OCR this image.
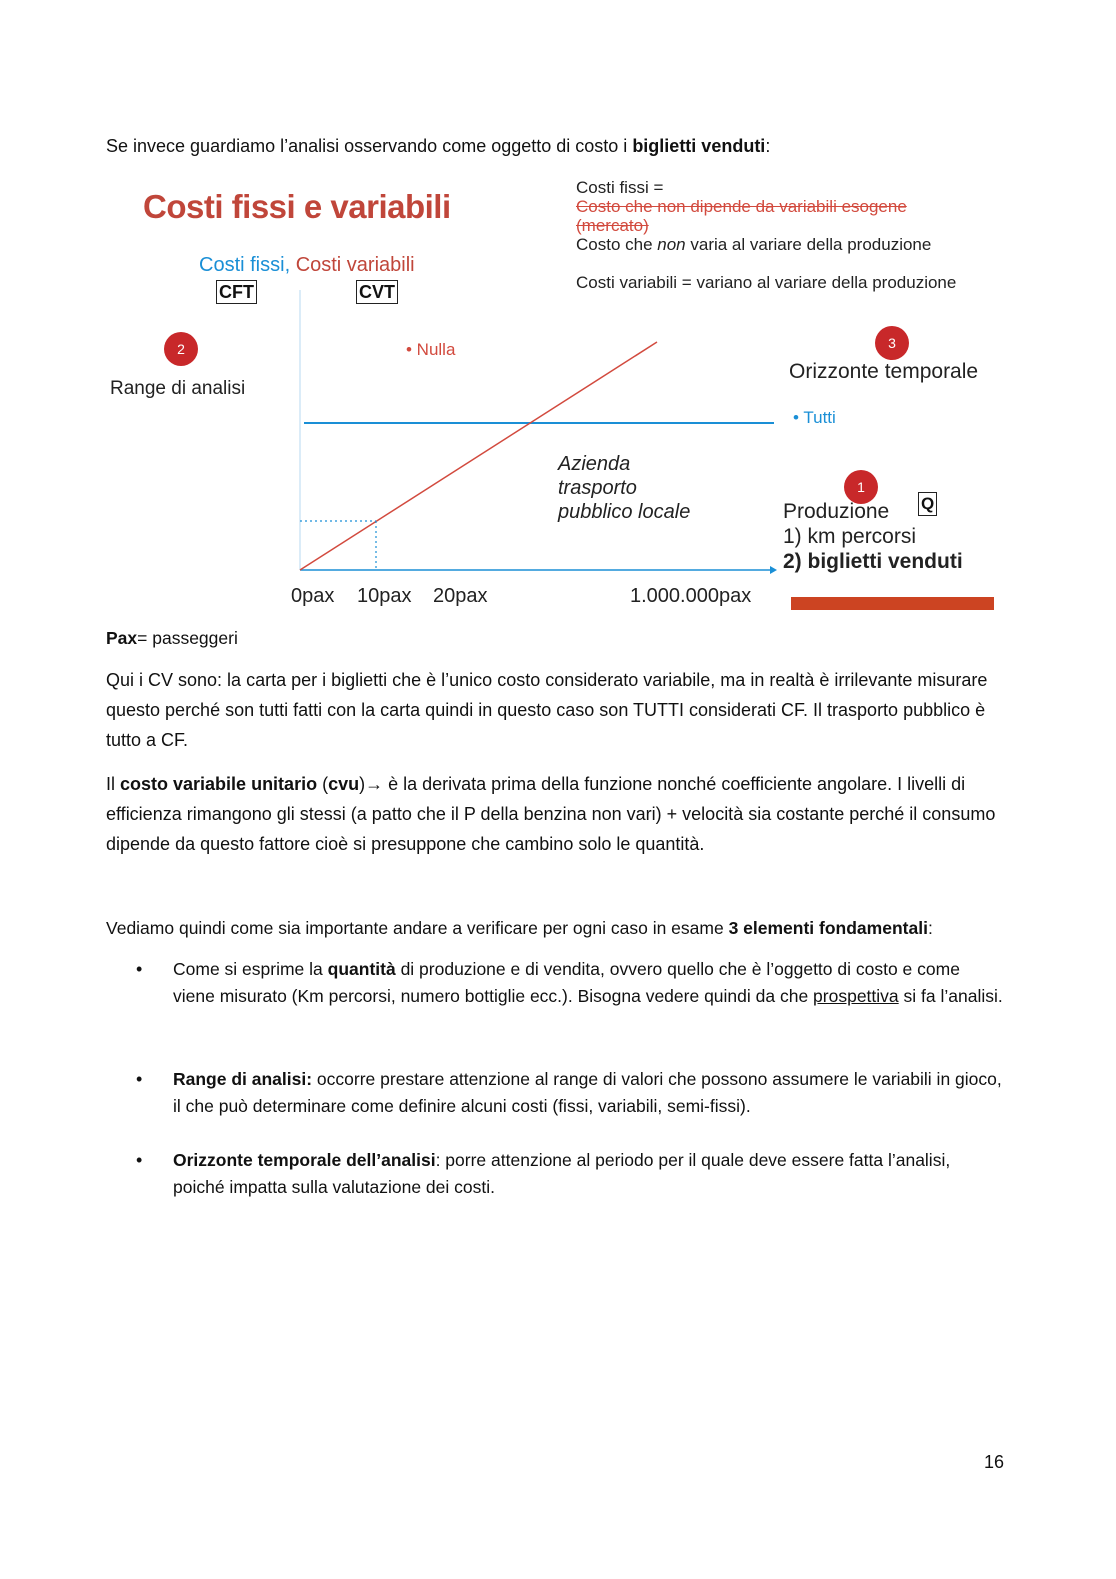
Se invece guardiamo l’analisi osservando come oggetto di costo i biglietti venduti:

Costi fissi e variabili
Costi fissi, Costi variabili
CFT	CVT
Costi fissi =
Costo che non dipende da variabili esogene (mercato)
Costo che non varia al variare della produzione
Costi variabili = variano al variare della produzione
2
Range di analisi
• Nulla	3
Orizzonte temporale
• Tutti
Azienda
trasporto
pubblico locale
1
Produzione Q
1) km percorsi
2) biglietti venduti
0pax 10pax 20pax	1.000.000pax

Pax= passeggeri

Qui i CV sono: la carta per i biglietti che è l’unico costo considerato variabile, ma in realtà è irrilevante misurare questo perché son tutti fatti con la carta quindi in questo caso son TUTTI considerati CF. Il trasporto pubblico è tutto a CF.

Il costo variabile unitario (cvu)→ è la derivata prima della funzione nonché coefficiente angolare. I livelli di efficienza rimangono gli stessi (a patto che il P della benzina non vari) + velocità sia costante perché il consumo dipende da questo fattore cioè si presuppone che cambino solo le quantità.

Vediamo quindi come sia importante andare a verificare per ogni caso in esame 3 elementi fondamentali:

• Come si esprime la quantità di produzione e di vendita, ovvero quello che è l’oggetto di costo e come viene misurato (Km percorsi, numero bottiglie ecc.). Bisogna vedere quindi da che prospettiva si fa l’analisi.
• Range di analisi: occorre prestare attenzione al range di valori che possono assumere le variabili in gioco, il che può determinare come definire alcuni costi (fissi, variabili, semi-fissi).
• Orizzonte temporale dell’analisi: porre attenzione al periodo per il quale deve essere fatta l’analisi, poiché impatta sulla valutazione dei costi.
16
